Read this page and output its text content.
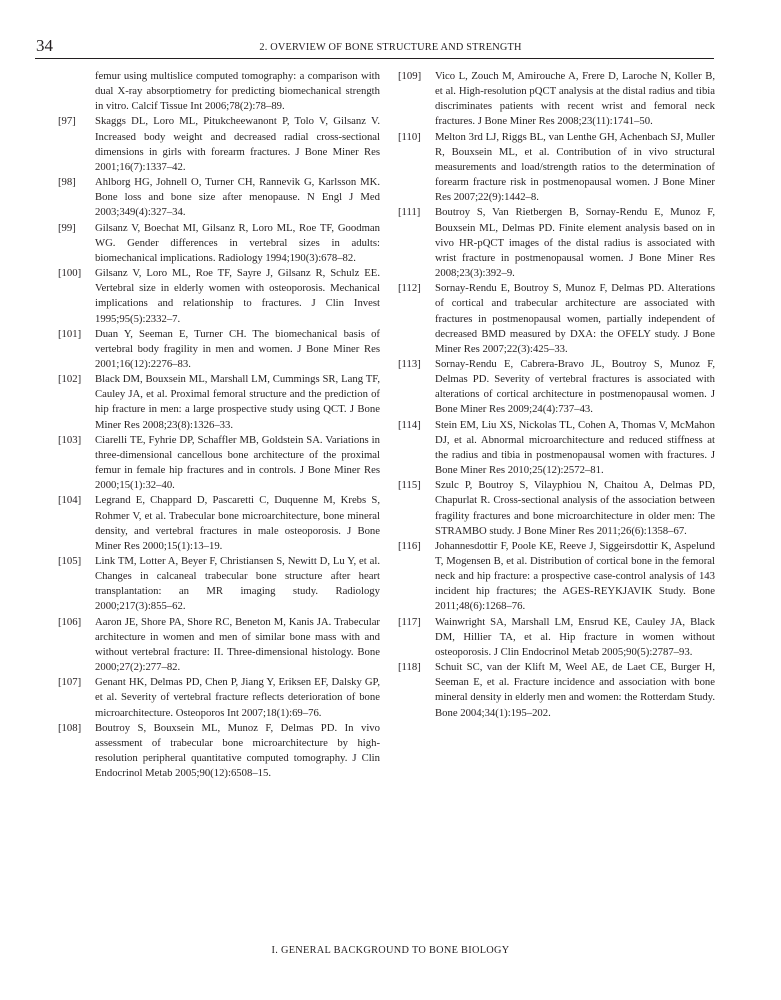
34	2. OVERVIEW OF BONE STRUCTURE AND STRENGTH

femur using multislice computed tomography: a comparison with dual X-ray absorptiometry for predicting biomechanical strength in vitro. Calcif Tissue Int 2006;78(2):78–89.

[97] Skaggs DL, Loro ML, Pitukcheewanont P, Tolo V, Gilsanz V. Increased body weight and decreased radial cross-sectional dimensions in girls with forearm fractures. J Bone Miner Res 2001;16(7):1337–42.

[98] Ahlborg HG, Johnell O, Turner CH, Rannevik G, Karlsson MK. Bone loss and bone size after menopause. N Engl J Med 2003;349(4):327–34.

[99] Gilsanz V, Boechat MI, Gilsanz R, Loro ML, Roe TF, Goodman WG. Gender differences in vertebral sizes in adults: biomechanical implications. Radiology 1994;190(3):678–82.

[100] Gilsanz V, Loro ML, Roe TF, Sayre J, Gilsanz R, Schulz EE. Vertebral size in elderly women with osteoporosis. Mechanical implications and relationship to fractures. J Clin Invest 1995;95(5):2332–7.

[101] Duan Y, Seeman E, Turner CH. The biomechanical basis of vertebral body fragility in men and women. J Bone Miner Res 2001;16(12):2276–83.

[102] Black DM, Bouxsein ML, Marshall LM, Cummings SR, Lang TF, Cauley JA, et al. Proximal femoral structure and the prediction of hip fracture in men: a large prospective study using QCT. J Bone Miner Res 2008;23(8):1326–33.

[103] Ciarelli TE, Fyhrie DP, Schaffler MB, Goldstein SA. Variations in three-dimensional cancellous bone architecture of the proximal femur in female hip fractures and in controls. J Bone Miner Res 2000;15(1):32–40.

[104] Legrand E, Chappard D, Pascaretti C, Duquenne M, Krebs S, Rohmer V, et al. Trabecular bone microarchitecture, bone mineral density, and vertebral fractures in male osteoporosis. J Bone Miner Res 2000;15(1):13–19.

[105] Link TM, Lotter A, Beyer F, Christiansen S, Newitt D, Lu Y, et al. Changes in calcaneal trabecular bone structure after heart transplantation: an MR imaging study. Radiology 2000;217(3):855–62.

[106] Aaron JE, Shore PA, Shore RC, Beneton M, Kanis JA. Trabecular architecture in women and men of similar bone mass with and without vertebral fracture: II. Three-dimensional histology. Bone 2000;27(2):277–82.

[107] Genant HK, Delmas PD, Chen P, Jiang Y, Eriksen EF, Dalsky GP, et al. Severity of vertebral fracture reflects deterioration of bone microarchitecture. Osteoporos Int 2007;18(1):69–76.

[108] Boutroy S, Bouxsein ML, Munoz F, Delmas PD. In vivo assessment of trabecular bone microarchitecture by high-resolution peripheral quantitative computed tomography. J Clin Endocrinol Metab 2005;90(12):6508–15.

[109] Vico L, Zouch M, Amirouche A, Frere D, Laroche N, Koller B, et al. High-resolution pQCT analysis at the distal radius and tibia discriminates patients with recent wrist and femoral neck fractures. J Bone Miner Res 2008;23(11):1741–50.

[110] Melton 3rd LJ, Riggs BL, van Lenthe GH, Achenbach SJ, Muller R, Bouxsein ML, et al. Contribution of in vivo structural measurements and load/strength ratios to the determination of forearm fracture risk in postmenopausal women. J Bone Miner Res 2007;22(9):1442–8.

[111] Boutroy S, Van Rietbergen B, Sornay-Rendu E, Munoz F, Bouxsein ML, Delmas PD. Finite element analysis based on in vivo HR-pQCT images of the distal radius is associated with wrist fracture in postmenopausal women. J Bone Miner Res 2008;23(3):392–9.

[112] Sornay-Rendu E, Boutroy S, Munoz F, Delmas PD. Alterations of cortical and trabecular architecture are associated with fractures in postmenopausal women, partially independent of decreased BMD measured by DXA: the OFELY study. J Bone Miner Res 2007;22(3):425–33.

[113] Sornay-Rendu E, Cabrera-Bravo JL, Boutroy S, Munoz F, Delmas PD. Severity of vertebral fractures is associated with alterations of cortical architecture in postmenopausal women. J Bone Miner Res 2009;24(4):737–43.

[114] Stein EM, Liu XS, Nickolas TL, Cohen A, Thomas V, McMahon DJ, et al. Abnormal microarchitecture and reduced stiffness at the radius and tibia in postmenopausal women with fractures. J Bone Miner Res 2010;25(12):2572–81.

[115] Szulc P, Boutroy S, Vilayphiou N, Chaitou A, Delmas PD, Chapurlat R. Cross-sectional analysis of the association between fragility fractures and bone microarchitecture in older men: The STRAMBO study. J Bone Miner Res 2011;26(6):1358–67.

[116] Johannesdottir F, Poole KE, Reeve J, Siggeirsdottir K, Aspelund T, Mogensen B, et al. Distribution of cortical bone in the femoral neck and hip fracture: a prospective case-control analysis of 143 incident hip fractures; the AGES-REYKJAVIK Study. Bone 2011;48(6):1268–76.

[117] Wainwright SA, Marshall LM, Ensrud KE, Cauley JA, Black DM, Hillier TA, et al. Hip fracture in women without osteoporosis. J Clin Endocrinol Metab 2005;90(5):2787–93.

[118] Schuit SC, van der Klift M, Weel AE, de Laet CE, Burger H, Seeman E, et al. Fracture incidence and association with bone mineral density in elderly men and women: the Rotterdam Study. Bone 2004;34(1):195–202.

I. GENERAL BACKGROUND TO BONE BIOLOGY
